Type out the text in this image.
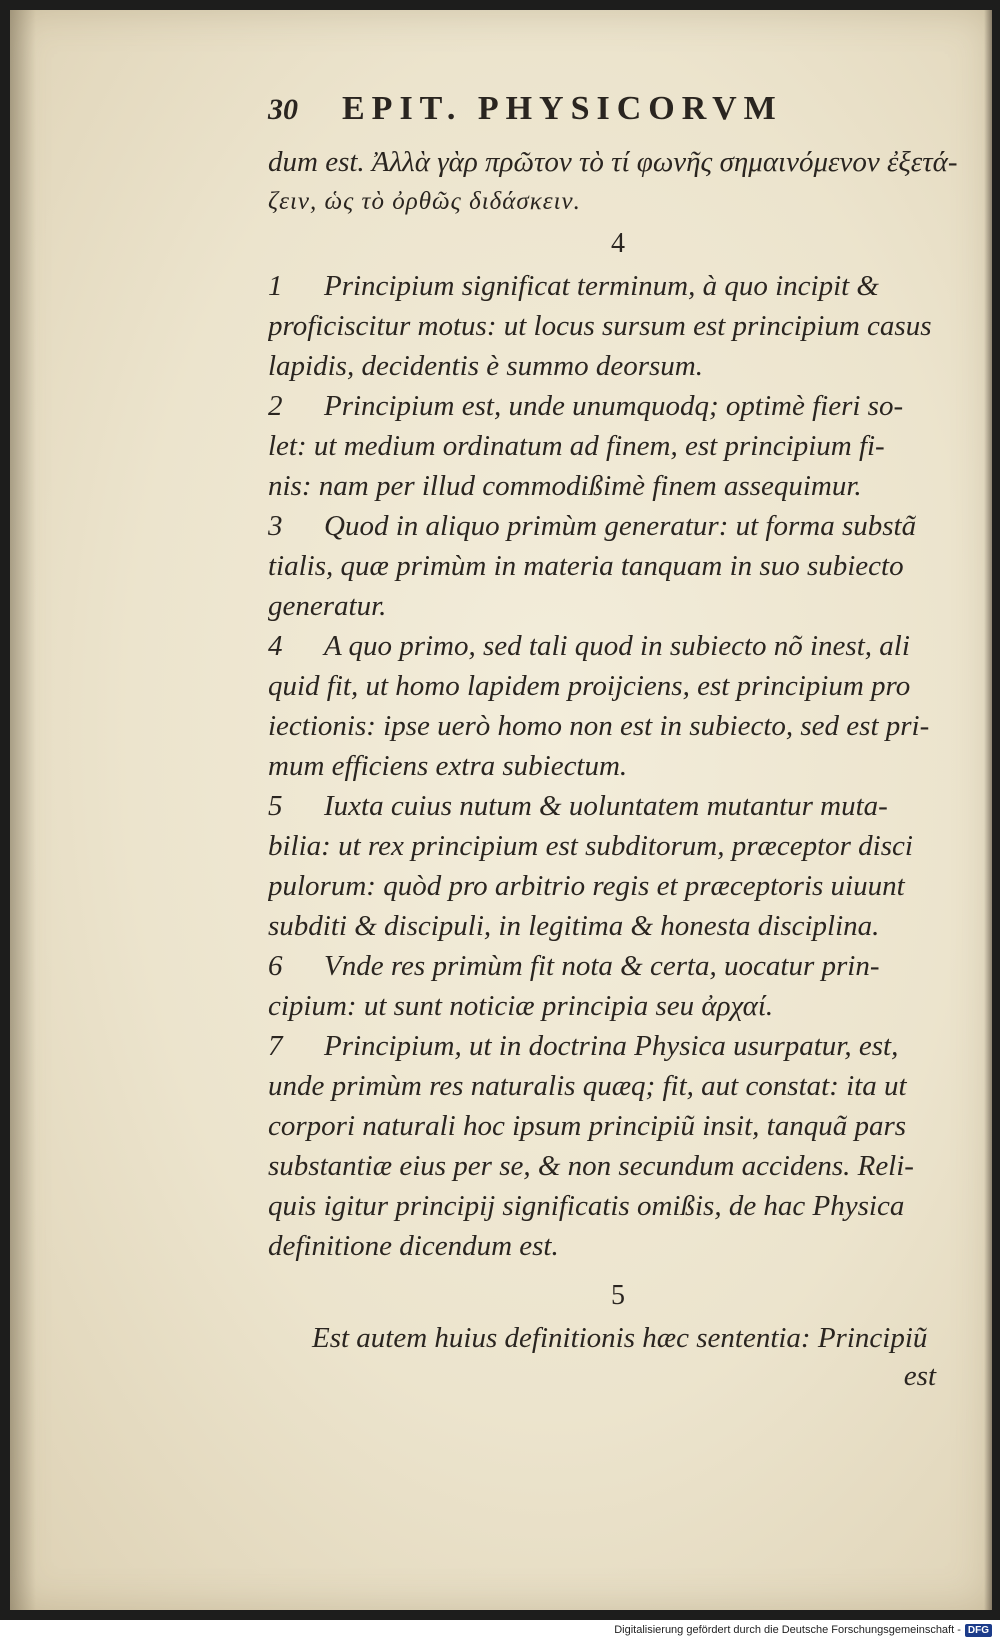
30 EPIT. PHYSICORVM
dum est. Ἀλλὰ γὰρ πρῶτον τὸ τί φωνῆς σημαινόμενον ἐξετά-
ζειν, ὡς τὸ ὀρθῶς διδάσκειν.
4
1 Principium significat terminum, à quo incipit &
proficiscitur motus: ut locus sursum est principium casus
lapidis, decidentis è summo deorsum.
2 Principium est, unde unumquodq; optimè fieri so-
let: ut medium ordinatum ad finem, est principium fi-
nis: nam per illud commodißimè finem assequimur.
3 Quod in aliquo primùm generatur: ut forma substã
tialis, quæ primùm in materia tanquam in suo subiecto
generatur.
4 A quo primo, sed tali quod in subiecto nõ inest, ali
quid fit, ut homo lapidem proijciens, est principium pro
iectionis: ipse uerò homo non est in subiecto, sed est pri-
mum efficiens extra subiectum.
5 Iuxta cuius nutum & uoluntatem mutantur muta-
bilia: ut rex principium est subditorum, præceptor disci
pulorum: quòd pro arbitrio regis et præceptoris uiuunt
subditi & discipuli, in legitima & honesta disciplina.
6 Vnde res primùm fit nota & certa, uocatur prin-
cipium: ut sunt noticiæ principia seu ἀρχαί.
7 Principium, ut in doctrina Physica usurpatur, est,
unde primùm res naturalis quæq; fit, aut constat: ita ut
corpori naturali hoc ipsum principiũ insit, tanquã pars
substantiæ eius per se, & non secundum accidens. Reli-
quis igitur principij significatis omißis, de hac Physica
definitione dicendum est.
5
Est autem huius definitionis hæc sententia: Principiũ
est
Digitalisierung gefördert durch die Deutsche Forschungsgemeinschaft - DFG
